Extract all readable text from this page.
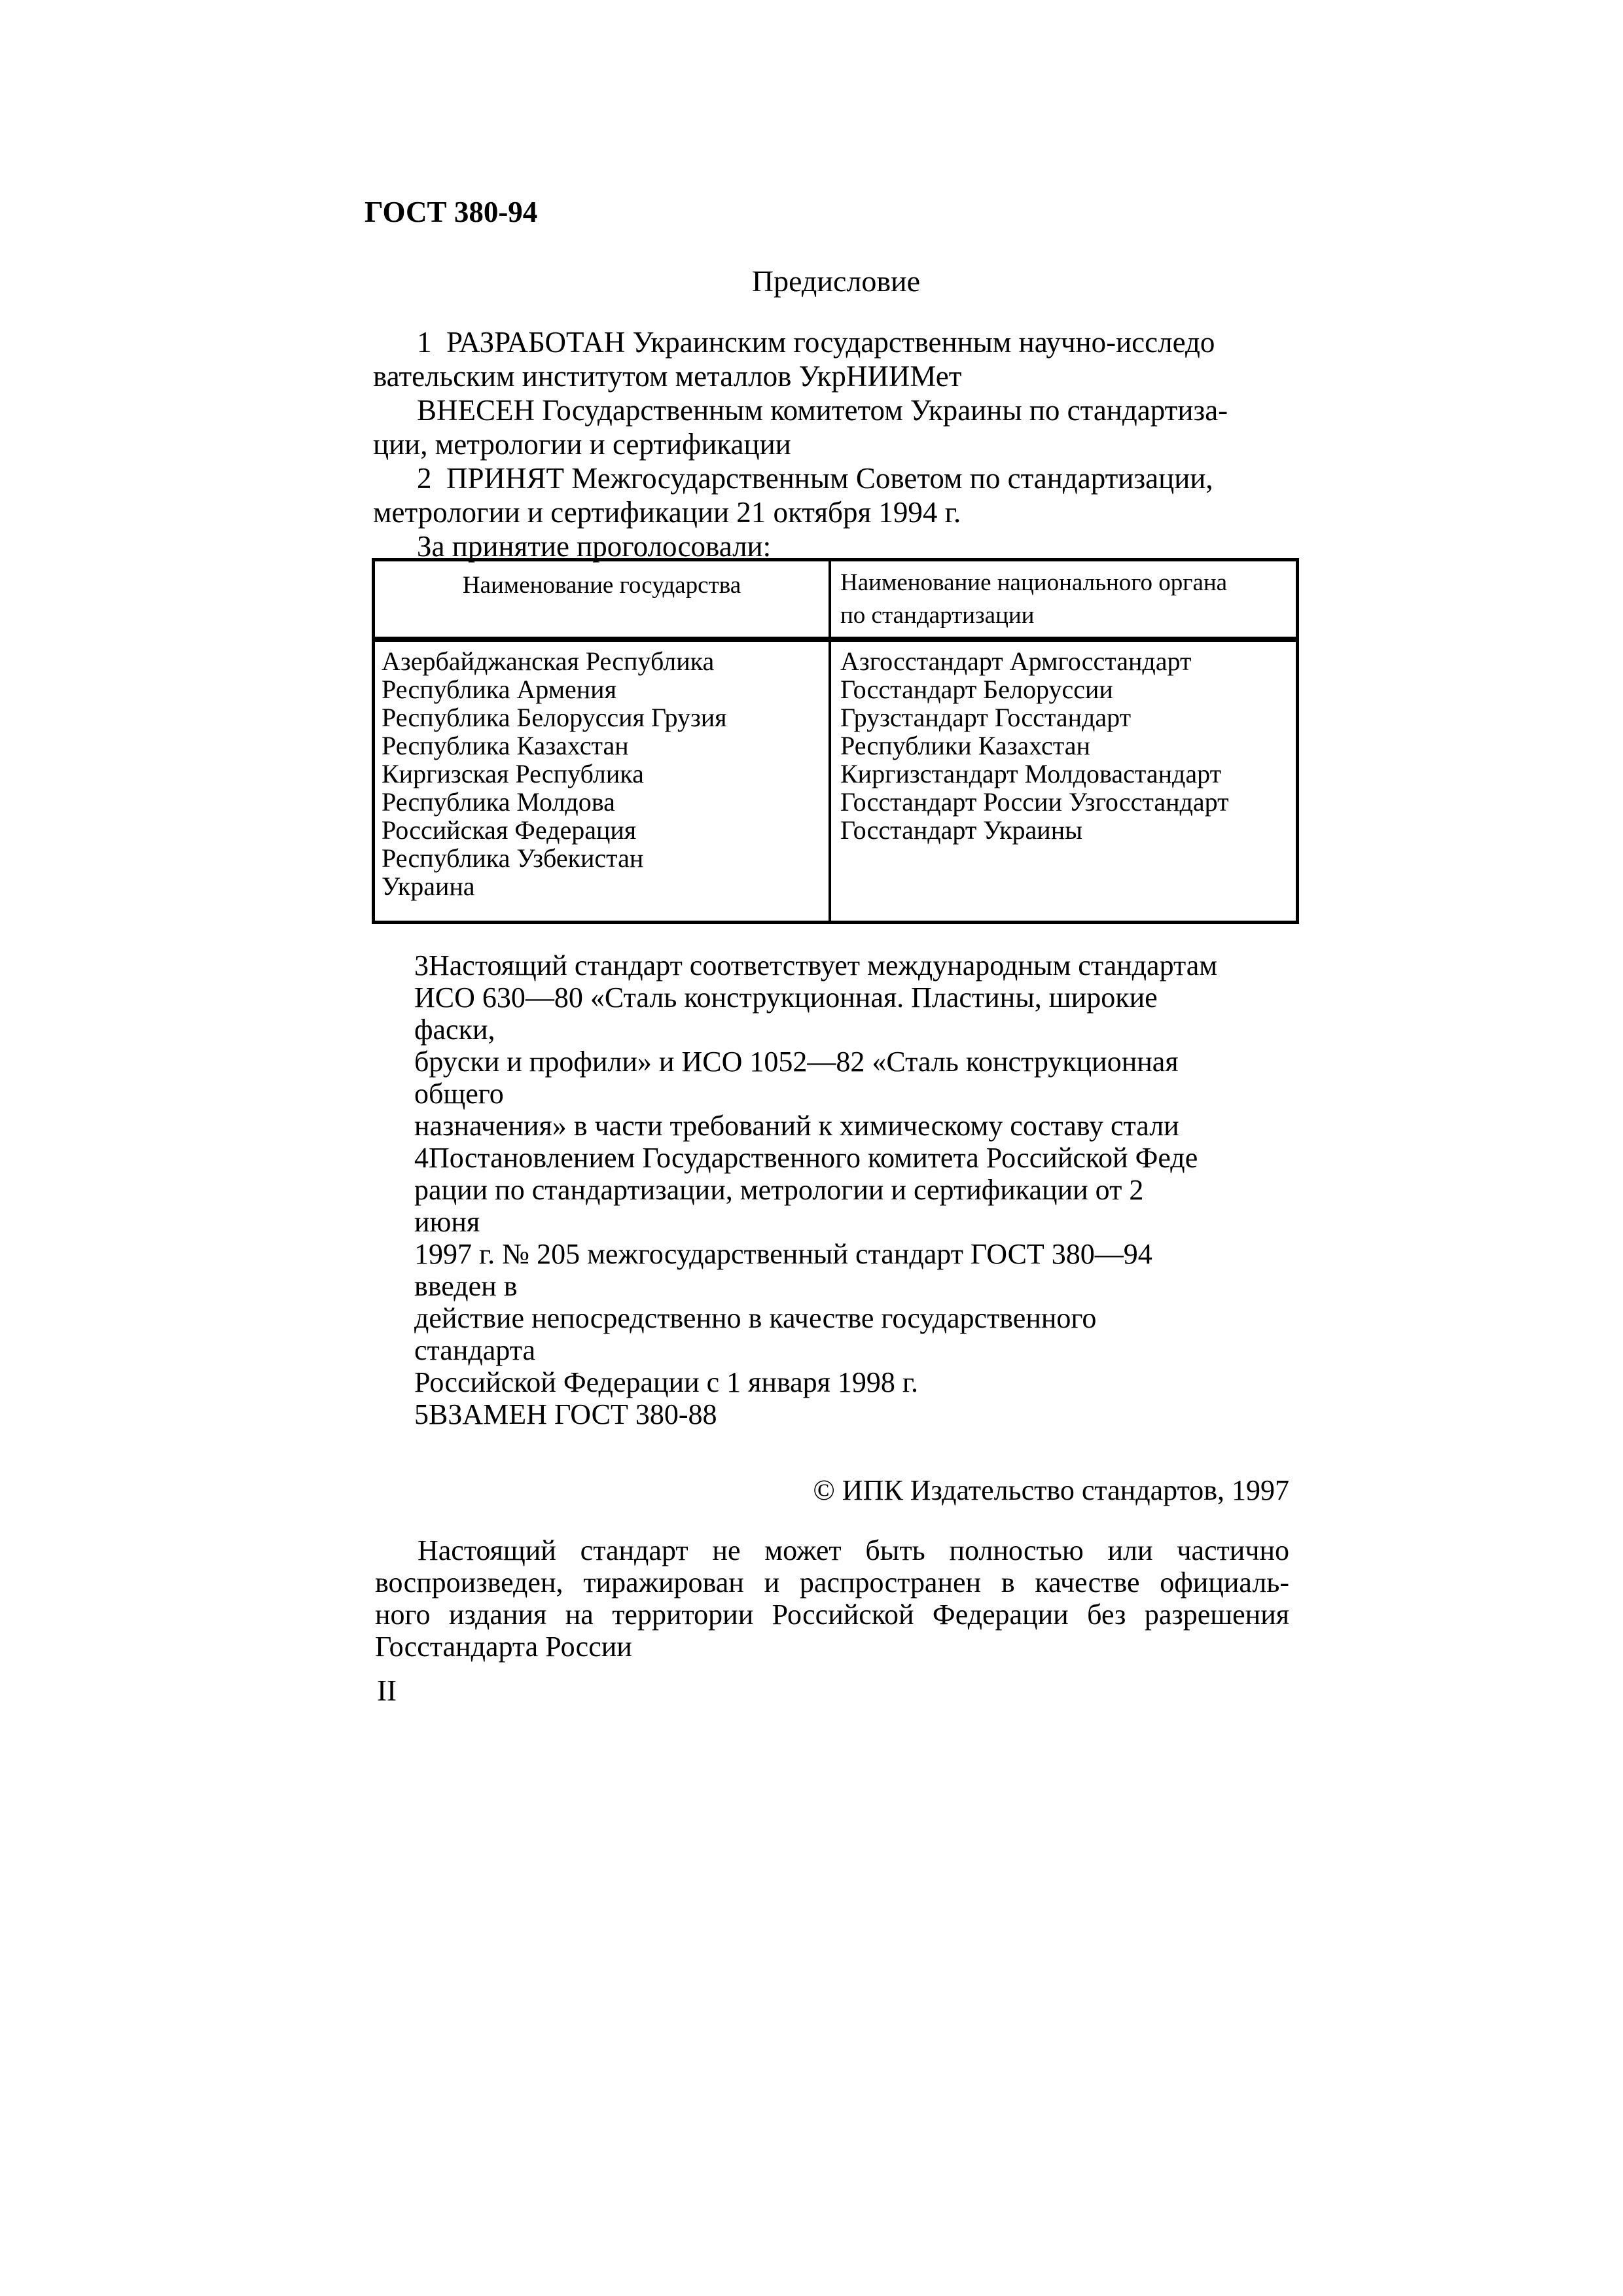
ГОСТ 380-94
Предисловие
1  РАЗРАБОТАН Украинским государственным научно-исследо
вательским институтом металлов УкрНИИМет
ВНЕСЕН Государственным комитетом Украины по стандартиза-
ции, метрологии и сертификации
2  ПРИНЯТ Межгосударственным Советом по стандартизации,
метрологии и сертификации 21 октября 1994 г.
За принятие проголосовали:
Наименование государства	Наименование национального органа
по стандартизации
Азербайджанская Республика
Республика Армения
Республика Белоруссия Грузия
Республика Казахстан
Киргизская Республика
Республика Молдова
Российская Федерация
Республика Узбекистан
Украина
Азгосстандарт Армгосстандарт
Госстандарт Белоруссии
Грузстандарт Госстандарт
Республики Казахстан
Киргизстандарт Молдовастандарт
Госстандарт России Узгосстандарт
Госстандарт Украины
3Настоящий стандарт соответствует международным стандартам
ИСО 630—80 «Сталь конструкционная. Пластины, широкие
фаски,
бруски и профили» и ИСО 1052—82 «Сталь конструкционная
общего
назначения» в части требований к химическому составу стали
4Постановлением Государственного комитета Российской Феде
рации по стандартизации, метрологии и сертификации от 2
июня
1997 г. № 205 межгосударственный стандарт ГОСТ 380—94
введен в
действие непосредственно в качестве государственного
стандарта
Российской Федерации с 1 января 1998 г.
5ВЗАМЕН ГОСТ 380-88
© ИПК Издательство стандартов, 1997
Настоящий стандарт не может быть полностью или частично
воспроизведен, тиражирован и распространен в качестве официаль-
ного издания на территории Российской Федерации без разрешения
Госстандарта России
II
